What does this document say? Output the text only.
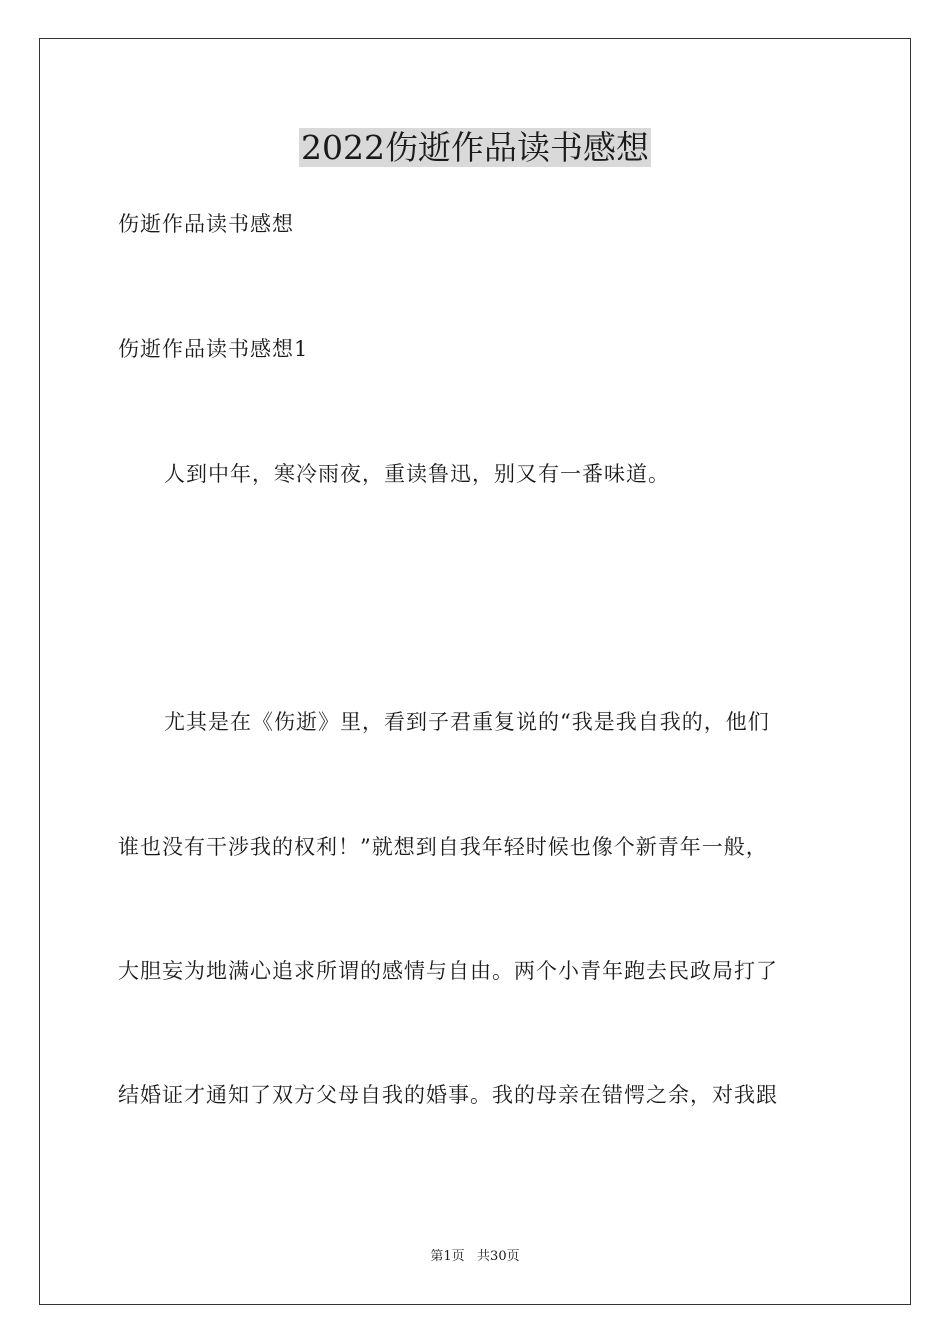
2022伤逝作品读书感想
伤逝作品读书感想
伤逝作品读书感想1
人到中年，寒冷雨夜，重读鲁迅，别又有一番味道。
尤其是在《伤逝》里，看到子君重复说的“我是我自我的，他们
谁也没有干涉我的权利！”就想到自我年轻时候也像个新青年一般，
大胆妄为地满心追求所谓的感情与自由。两个小青年跑去民政局打了
结婚证才通知了双方父母自我的婚事。我的母亲在错愕之余，对我跟
第1页   共30页
